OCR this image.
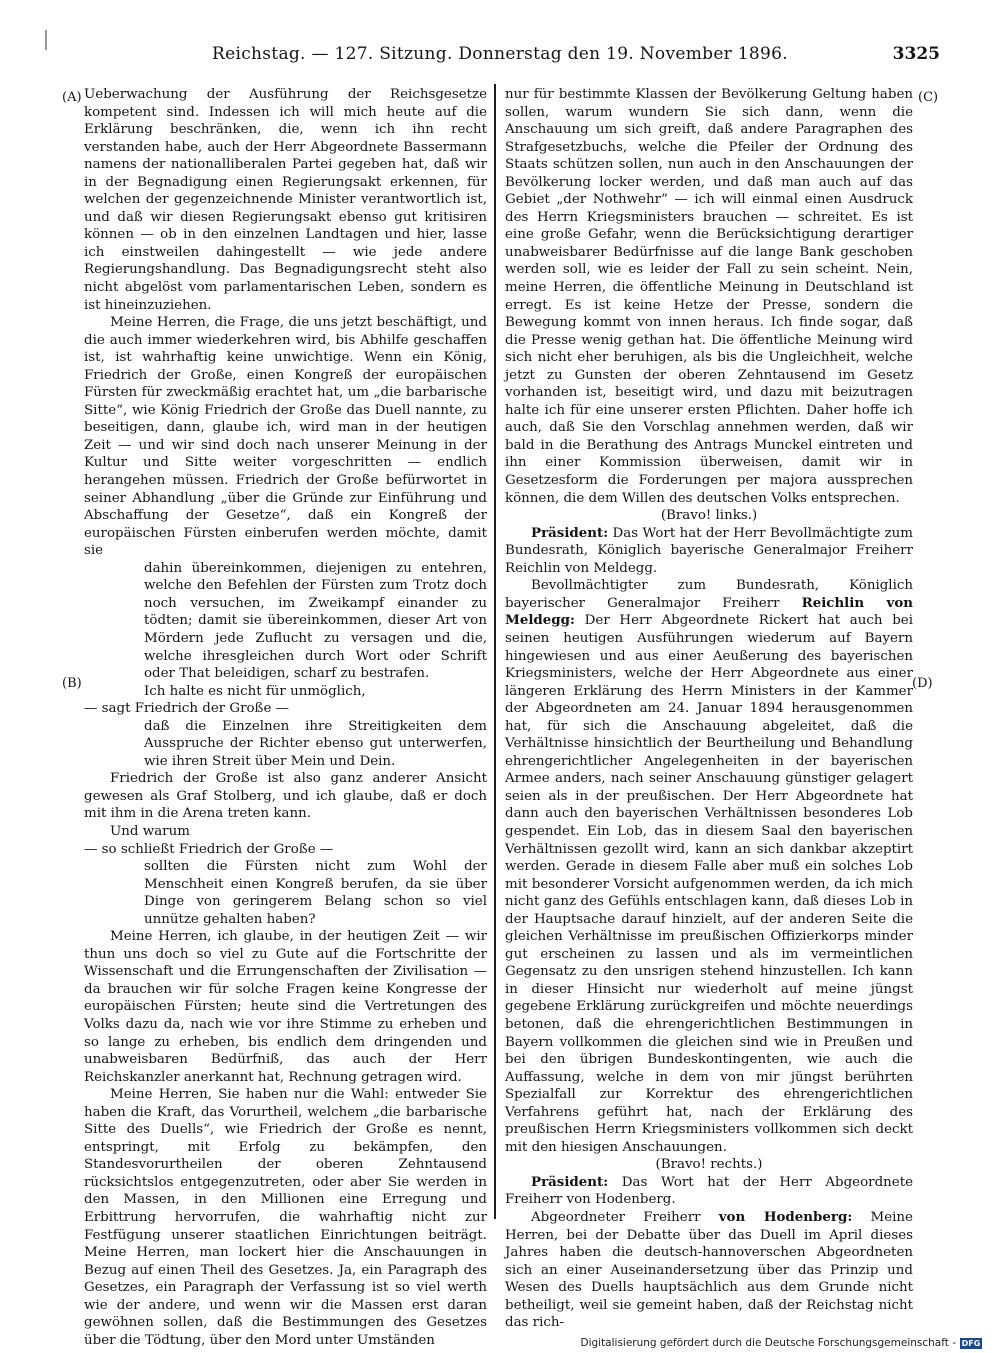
Reichstag. — 127. Sitzung. Donnerstag den 19. November 1896.	3325
(A)
(B)
(C)
(D)

Ueberwachung der Ausführung der Reichsgesetze kompetent sind. Indessen ich will mich heute auf die Erklärung beschränken, die, wenn ich ihn recht verstanden habe, auch der Herr Abgeordnete Bassermann namens der nationalliberalen Partei gegeben hat, daß wir in der Begnadigung einen Regierungsakt erkennen, für welchen der gegenzeichnende Minister verantwortlich ist, und daß wir diesen Regierungsakt ebenso gut kritisiren können — ob in den einzelnen Landtagen und hier, lasse ich einstweilen dahingestellt — wie jede andere Regierungshandlung. Das Begnadigungsrecht steht also nicht abgelöst vom parlamentarischen Leben, sondern es ist hineinzuziehen.

Meine Herren, die Frage, die uns jetzt beschäftigt, und die auch immer wiederkehren wird, bis Abhilfe geschaffen ist, ist wahrhaftig keine unwichtige. Wenn ein König, Friedrich der Große, einen Kongreß der europäischen Fürsten für zweckmäßig erachtet hat, um „die barbarische Sitte“, wie König Friedrich der Große das Duell nannte, zu beseitigen, dann, glaube ich, wird man in der heutigen Zeit — und wir sind doch nach unserer Meinung in der Kultur und Sitte weiter vorgeschritten — endlich herangehen müssen. Friedrich der Große befürwortet in seiner Abhandlung „über die Gründe zur Einführung und Abschaffung der Gesetze“, daß ein Kongreß der europäischen Fürsten einberufen werden möchte, damit sie

dahin übereinkommen, diejenigen zu entehren, welche den Befehlen der Fürsten zum Trotz doch noch versuchen, im Zweikampf einander zu tödten; damit sie übereinkommen, dieser Art von Mördern jede Zuflucht zu versagen und die, welche ihresgleichen durch Wort oder Schrift oder That beleidigen, scharf zu bestrafen.

Ich halte es nicht für unmöglich,

— sagt Friedrich der Große —

daß die Einzelnen ihre Streitigkeiten dem Ausspruche der Richter ebenso gut unterwerfen, wie ihren Streit über Mein und Dein.

Friedrich der Große ist also ganz anderer Ansicht gewesen als Graf Stolberg, und ich glaube, daß er doch mit ihm in die Arena treten kann.

Und warum

— so schließt Friedrich der Große —

sollten die Fürsten nicht zum Wohl der Menschheit einen Kongreß berufen, da sie über Dinge von geringerem Belang schon so viel unnütze gehalten haben?

Meine Herren, ich glaube, in der heutigen Zeit — wir thun uns doch so viel zu Gute auf die Fortschritte der Wissenschaft und die Errungenschaften der Zivilisation — da brauchen wir für solche Fragen keine Kongresse der europäischen Fürsten; heute sind die Vertretungen des Volks dazu da, nach wie vor ihre Stimme zu erheben und so lange zu erheben, bis endlich dem dringenden und unabweisbaren Bedürfniß, das auch der Herr Reichskanzler anerkannt hat, Rechnung getragen wird.

Meine Herren, Sie haben nur die Wahl: entweder Sie haben die Kraft, das Vorurtheil, welchem „die barbarische Sitte des Duells“, wie Friedrich der Große es nennt, entspringt, mit Erfolg zu bekämpfen, den Standesvorurtheilen der oberen Zehntausend rücksichtslos entgegenzutreten, oder aber Sie werden in den Massen, in den Millionen eine Erregung und Erbittrung hervorrufen, die wahrhaftig nicht zur Festfügung unserer staatlichen Einrichtungen beiträgt. Meine Herren, man lockert hier die Anschauungen in Bezug auf einen Theil des Gesetzes. Ja, ein Paragraph des Gesetzes, ein Paragraph der Verfassung ist so viel werth wie der andere, und wenn wir die Massen erst daran gewöhnen sollen, daß die Bestimmungen des Gesetzes über die Tödtung, über den Mord unter Umständen

nur für bestimmte Klassen der Bevölkerung Geltung haben sollen, warum wundern Sie sich dann, wenn die Anschauung um sich greift, daß andere Paragraphen des Strafgesetzbuchs, welche die Pfeiler der Ordnung des Staats schützen sollen, nun auch in den Anschauungen der Bevölkerung locker werden, und daß man auch auf das Gebiet „der Nothwehr“ — ich will einmal einen Ausdruck des Herrn Kriegsministers brauchen — schreitet. Es ist eine große Gefahr, wenn die Berücksichtigung derartiger unabweisbarer Bedürfnisse auf die lange Bank geschoben werden soll, wie es leider der Fall zu sein scheint. Nein, meine Herren, die öffentliche Meinung in Deutschland ist erregt. Es ist keine Hetze der Presse, sondern die Bewegung kommt von innen heraus. Ich finde sogar, daß die Presse wenig gethan hat. Die öffentliche Meinung wird sich nicht eher beruhigen, als bis die Ungleichheit, welche jetzt zu Gunsten der oberen Zehntausend im Gesetz vorhanden ist, beseitigt wird, und dazu mit beizutragen halte ich für eine unserer ersten Pflichten. Daher hoffe ich auch, daß Sie den Vorschlag annehmen werden, daß wir bald in die Berathung des Antrags Munckel eintreten und ihn einer Kommission überweisen, damit wir in Gesetzesform die Forderungen per majora aussprechen können, die dem Willen des deutschen Volks entsprechen.

(Bravo! links.)

Präsident: Das Wort hat der Herr Bevollmächtigte zum Bundesrath, Königlich bayerische Generalmajor Freiherr Reichlin von Meldegg.

Bevollmächtigter zum Bundesrath, Königlich bayerischer Generalmajor Freiherr Reichlin von Meldegg: Der Herr Abgeordnete Rickert hat auch bei seinen heutigen Ausführungen wiederum auf Bayern hingewiesen und aus einer Aeußerung des bayerischen Kriegsministers, welche der Herr Abgeordnete aus einer längeren Erklärung des Herrn Ministers in der Kammer der Abgeordneten am 24. Januar 1894 herausgenommen hat, für sich die Anschauung abgeleitet, daß die Verhältnisse hinsichtlich der Beurtheilung und Behandlung ehrengerichtlicher Angelegenheiten in der bayerischen Armee anders, nach seiner Anschauung günstiger gelagert seien als in der preußischen. Der Herr Abgeordnete hat dann auch den bayerischen Verhältnissen besonderes Lob gespendet. Ein Lob, das in diesem Saal den bayerischen Verhältnissen gezollt wird, kann an sich dankbar akzeptirt werden. Gerade in diesem Falle aber muß ein solches Lob mit besonderer Vorsicht aufgenommen werden, da ich mich nicht ganz des Gefühls entschlagen kann, daß dieses Lob in der Hauptsache darauf hinzielt, auf der anderen Seite die gleichen Verhältnisse im preußischen Offizierkorps minder gut erscheinen zu lassen und als im vermeintlichen Gegensatz zu den unsrigen stehend hinzustellen. Ich kann in dieser Hinsicht nur wiederholt auf meine jüngst gegebene Erklärung zurückgreifen und möchte neuerdings betonen, daß die ehrengerichtlichen Bestimmungen in Bayern vollkommen die gleichen sind wie in Preußen und bei den übrigen Bundeskontingenten, wie auch die Auffassung, welche in dem von mir jüngst berührten Spezialfall zur Korrektur des ehrengerichtlichen Verfahrens geführt hat, nach der Erklärung des preußischen Herrn Kriegsministers vollkommen sich deckt mit den hiesigen Anschauungen.

(Bravo! rechts.)

Präsident: Das Wort hat der Herr Abgeordnete Freiherr von Hodenberg.

Abgeordneter Freiherr von Hodenberg: Meine Herren, bei der Debatte über das Duell im April dieses Jahres haben die deutsch-hannoverschen Abgeordneten sich an einer Auseinandersetzung über das Prinzip und Wesen des Duells hauptsächlich aus dem Grunde nicht betheiligt, weil sie gemeint haben, daß der Reichstag nicht das rich-

Digitalisierung gefördert durch die Deutsche Forschungsgemeinschaft - DFG
